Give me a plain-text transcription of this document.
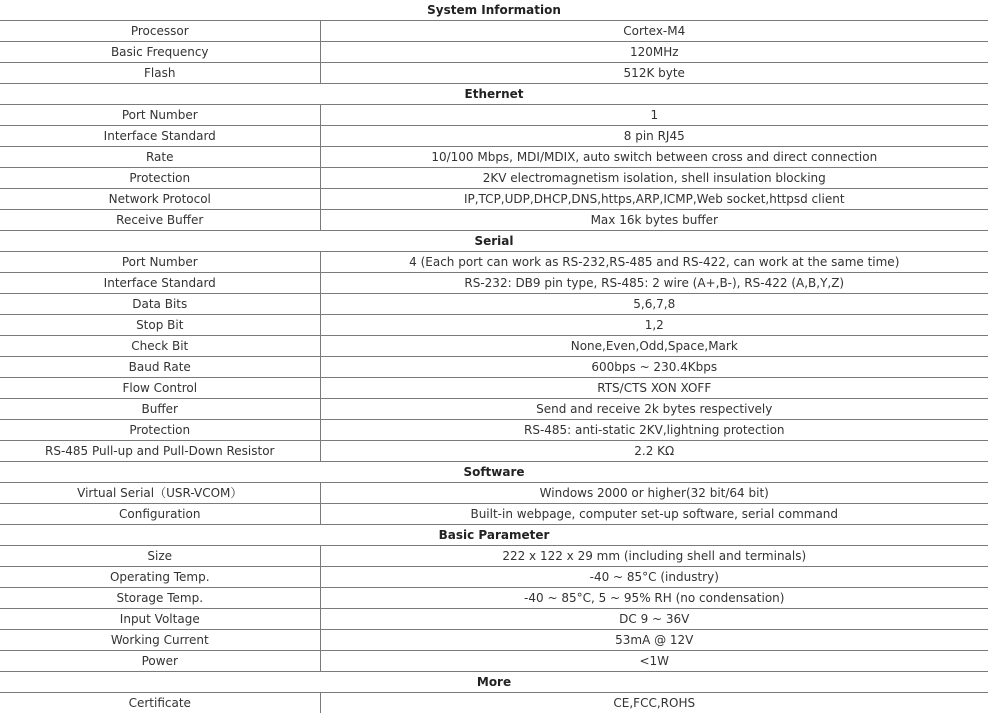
System Information	
Processor	Cortex-M4
Basic Frequency	120MHz
Flash	512K byte
Ethernet	
Port Number	1
Interface Standard	8 pin RJ45
Rate	10/100 Mbps, MDI/MDIX, auto switch between cross and direct connection
Protection	2KV electromagnetism isolation, shell insulation blocking
Network Protocol	IP,TCP,UDP,DHCP,DNS,https,ARP,ICMP,Web socket,httpsd client
Receive Buffer	Max 16k bytes buffer
Serial	
Port Number	4 (Each port can work as RS-232,RS-485 and RS-422, can work at the same time)
Interface Standard	RS-232: DB9 pin type, RS-485: 2 wire (A+,B-), RS-422 (A,B,Y,Z)
Data Bits	5,6,7,8
Stop Bit	1,2
Check Bit	None,Even,Odd,Space,Mark
Baud Rate	600bps ~ 230.4Kbps
Flow Control	RTS/CTS XON XOFF
Buffer	Send and receive 2k bytes respectively
Protection	RS-485: anti-static 2KV,lightning protection
RS-485 Pull-up and Pull-Down Resistor	2.2 KΩ
Software	
Virtual Serial（USR-VCOM）	Windows 2000 or higher(32 bit/64 bit)
Configuration	Built-in webpage, computer set-up software, serial command
Basic Parameter	
Size	222 x 122 x 29 mm (including shell and terminals)
Operating Temp.	-40 ~ 85°C (industry)
Storage Temp.	-40 ~ 85°C, 5 ~ 95% RH (no condensation)
Input Voltage	DC 9 ~ 36V
Working Current	53mA @ 12V
Power	<1W
More	
Certificate	CE,FCC,ROHS
